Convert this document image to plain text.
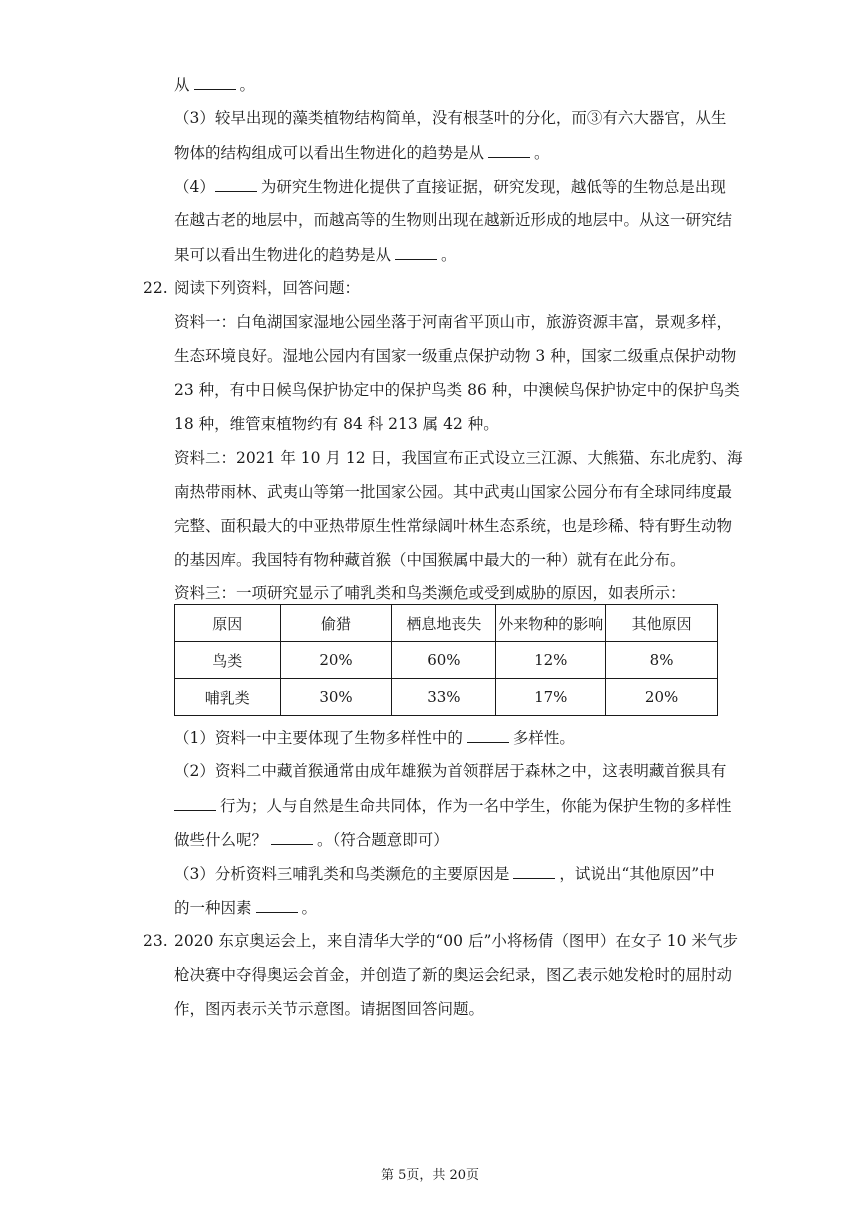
从	。
（3）较早出现的藻类植物结构简单，没有根茎叶的分化，而③有六大器官，从生
物体的结构组成可以看出生物进化的趋势是从	。
（4）	为研究生物进化提供了直接证据，研究发现，越低等的生物总是出现
在越古老的地层中，而越高等的生物则出现在越新近形成的地层中。从这一研究结
果可以看出生物进化的趋势是从	。
22. 阅读下列资料，回答问题：
资料一：白龟湖国家湿地公园坐落于河南省平顶山市，旅游资源丰富，景观多样，
生态环境良好。湿地公园内有国家一级重点保护动物 3 种，国家二级重点保护动物
23 种，有中日候鸟保护协定中的保护鸟类 86 种，中澳候鸟保护协定中的保护鸟类
18 种，维管束植物约有 84 科 213 属 42 种。
资料二：2021 年 10 月 12 日，我国宣布正式设立三江源、大熊猫、东北虎豹、海
南热带雨林、武夷山等第一批国家公园。其中武夷山国家公园分布有全球同纬度最
完整、面积最大的中亚热带原生性常绿阔叶林生态系统，也是珍稀、特有野生动物
的基因库。我国特有物种藏首猴（中国猴属中最大的一种）就有在此分布。
资料三：一项研究显示了哺乳类和鸟类濒危或受到威胁的原因，如表所示：
原因	偷猎	栖息地丧失	外来物种的影响	其他原因
鸟类	20%	60%	12%	8%
哺乳类	30%	33%	17%	20%
（1）资料一中主要体现了生物多样性中的	多样性。
（2）资料二中藏首猴通常由成年雄猴为首领群居于森林之中，这表明藏首猴具有
行为；人与自然是生命共同体，作为一名中学生，你能为保护生物的多样性
做些什么呢？	。（符合题意即可）
（3）分析资料三哺乳类和鸟类濒危的主要原因是	，试说出“其他原因”中
的一种因素	。
23. 2020 东京奥运会上，来自清华大学的“00 后”小将杨倩（图甲）在女子 10 米气步
枪决赛中夺得奥运会首金，并创造了新的奥运会纪录，图乙表示她发枪时的屈肘动
作，图丙表示关节示意图。请据图回答问题。
第 5页，共 20页
